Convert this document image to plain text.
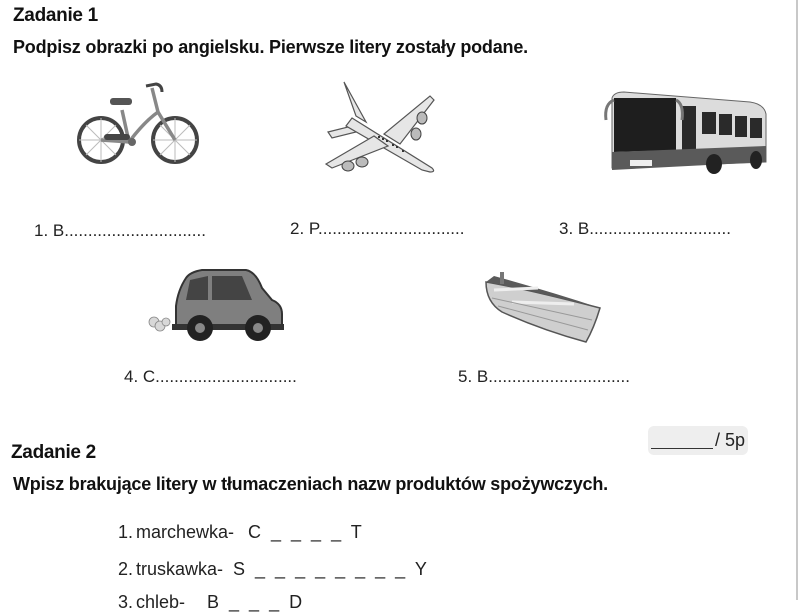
Zadanie 1
Podpisz obrazki po angielsku. Pierwsze litery zostały podane.
1. B..............................	2. P...............................	3. B..............................
4. C..............................	5. B..............................
Zadanie 2
/ 5p
Wpisz brakujące litery w tłumaczeniach nazw produktów spożywczych.
1. marchewka- C  _  _  _  _  T
2. truskawka- S  _  _  _  _  _  _  _  _  Y
3. chleb- B  _  _  _  D
